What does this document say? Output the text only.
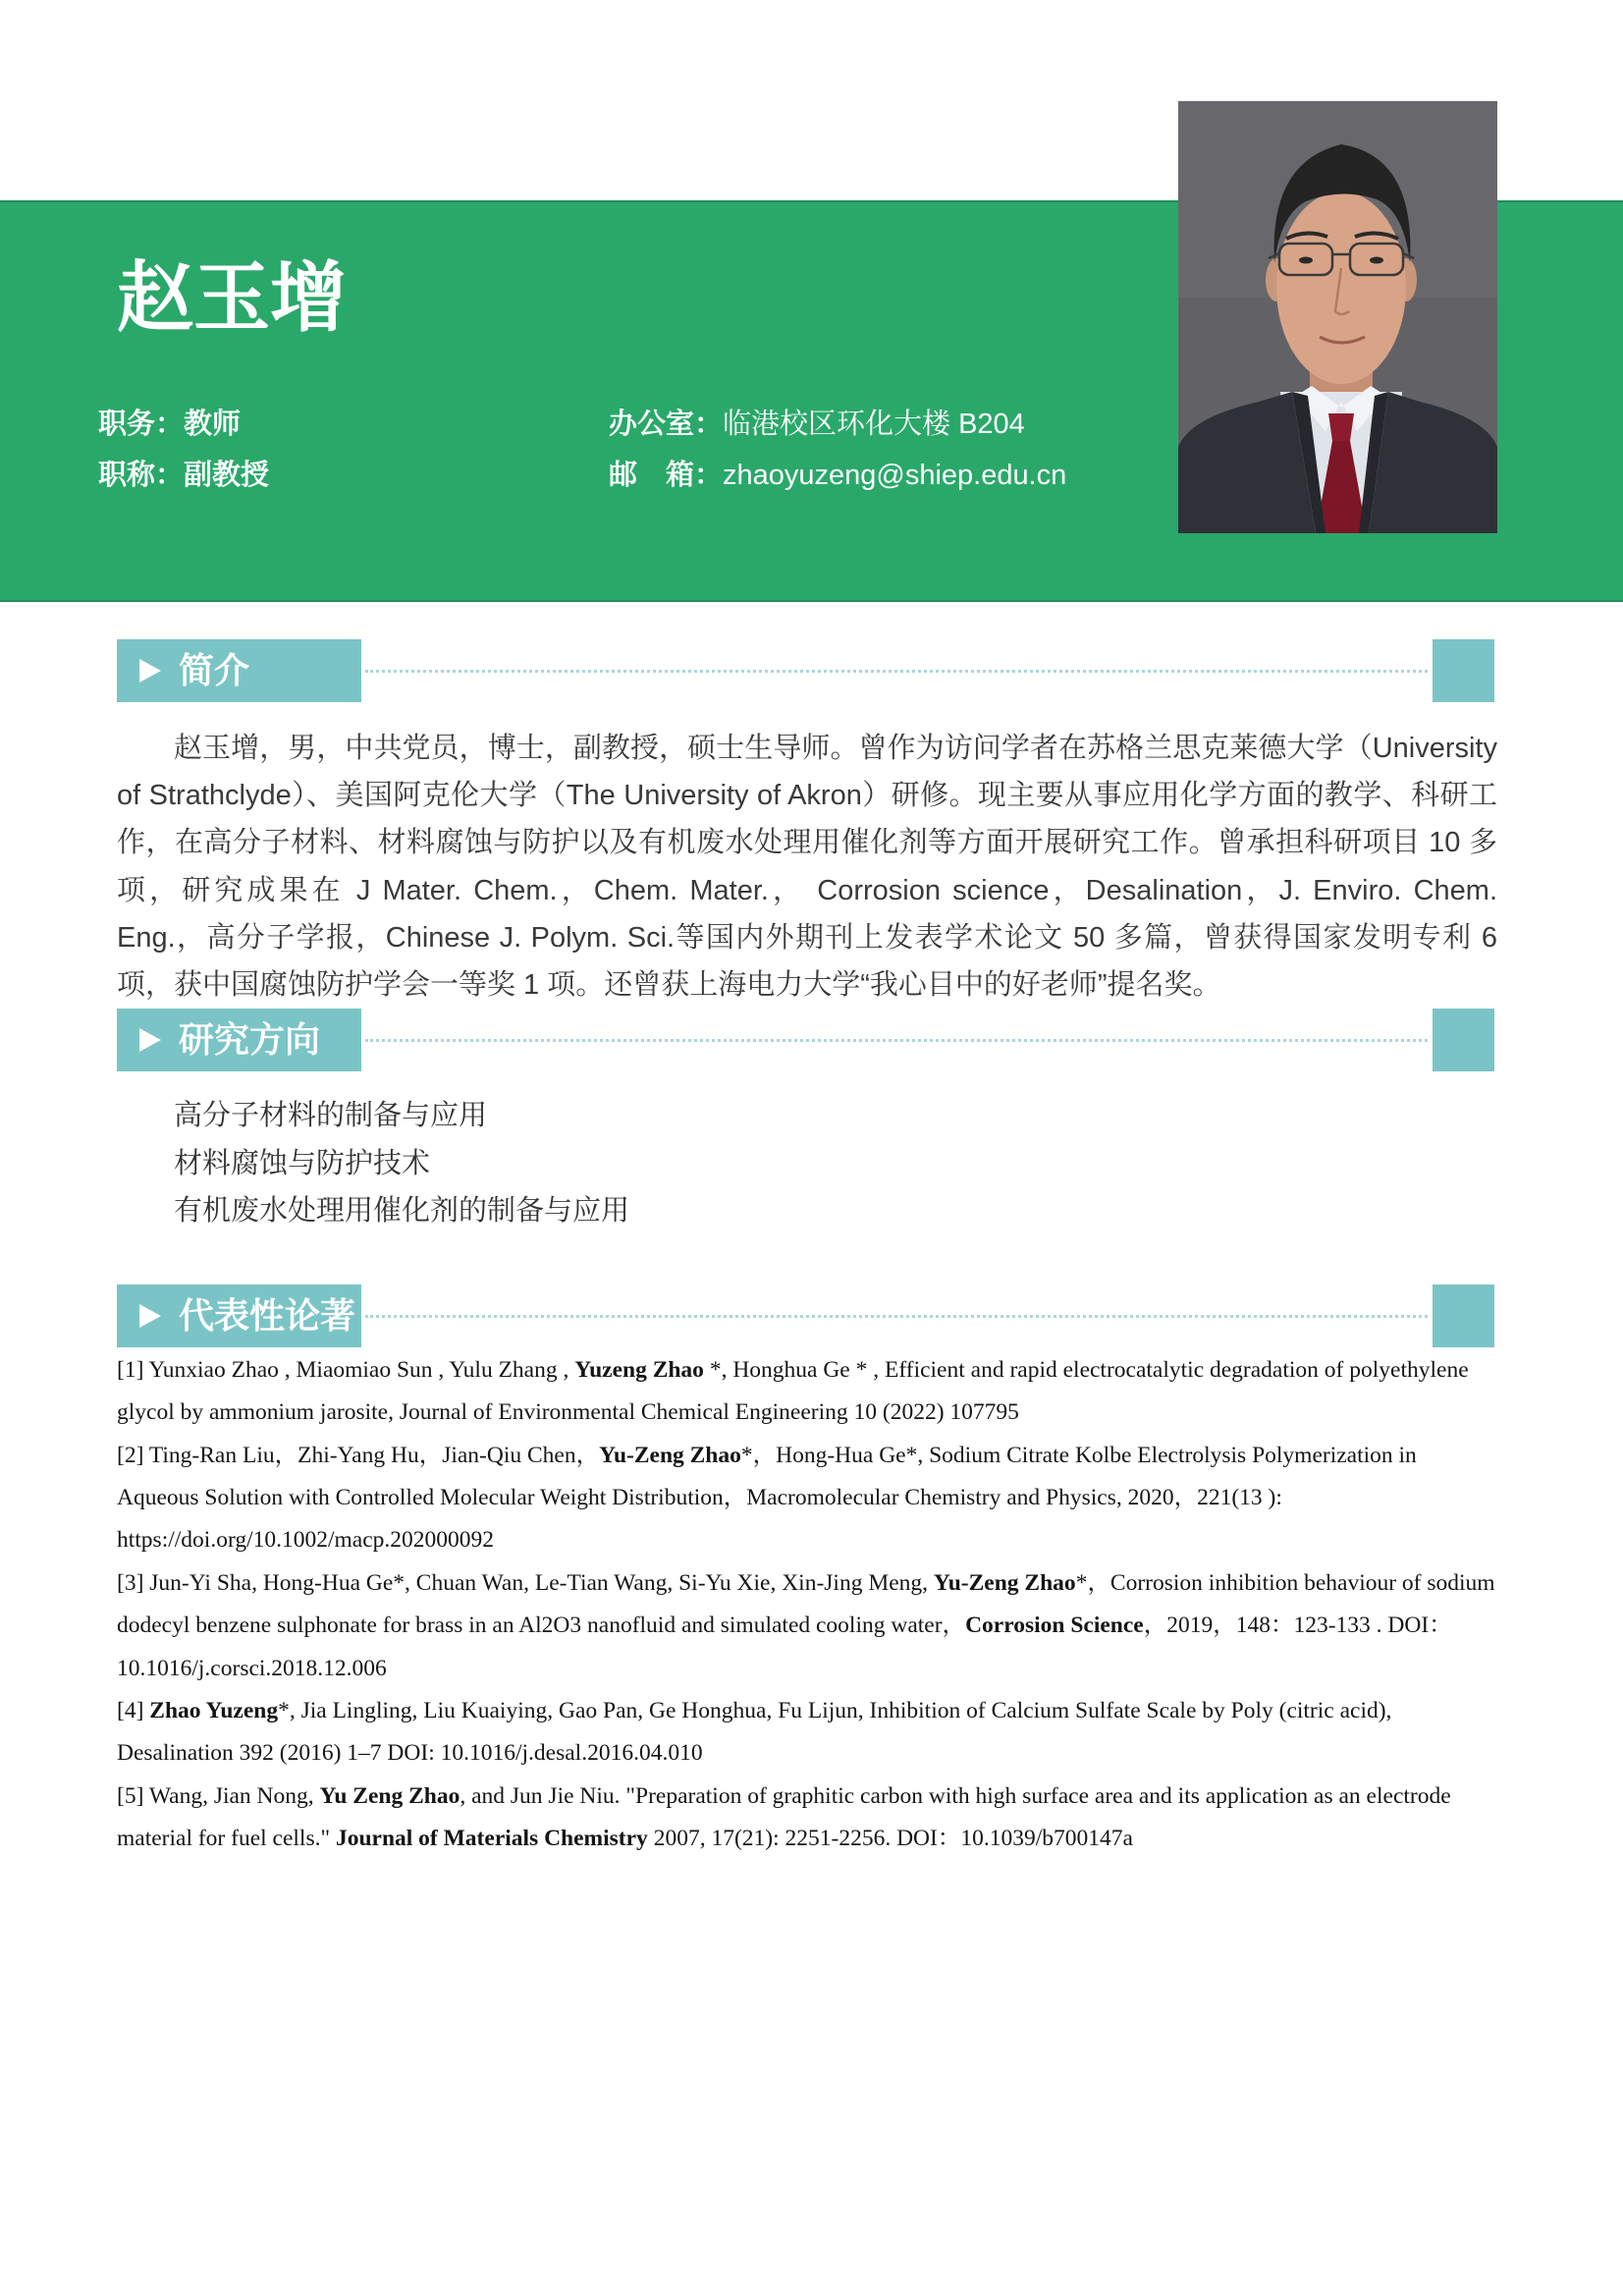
赵玉增
职务：教师
职称：副教授
办公室：临港校区环化大楼 B204
邮　箱：zhaoyuzeng@shiep.edu.cn
简介

赵玉增，男，中共党员，博士，副教授，硕士生导师。曾作为访问学者在苏格兰思克莱德大学（University of Strathclyde）、美国阿克伦大学（The University of Akron）研修。现主要从事应用化学方面的教学、科研工作，在高分子材料、材料腐蚀与防护以及有机废水处理用催化剂等方面开展研究工作。曾承担科研项目 10 多项，研究成果在 J Mater. Chem.，Chem. Mater.， Corrosion science，Desalination，J. Enviro. Chem. Eng.，高分子学报，Chinese J. Polym. Sci.等国内外期刊上发表学术论文 50 多篇，曾获得国家发明专利 6 项，获中国腐蚀防护学会一等奖 1 项。还曾获上海电力大学“我心目中的好老师”提名奖。

研究方向
高分子材料的制备与应用
材料腐蚀与防护技术
有机废水处理用催化剂的制备与应用
代表性论著
[1] Yunxiao Zhao , Miaomiao Sun , Yulu Zhang , Yuzeng Zhao *, Honghua Ge * , Efficient and rapid electrocatalytic degradation of polyethylene glycol by ammonium jarosite, Journal of Environmental Chemical Engineering 10 (2022) 107795
[2] Ting-Ran Liu，Zhi-Yang Hu，Jian-Qiu Chen，Yu-Zeng Zhao*，Hong-Hua Ge*, Sodium Citrate Kolbe Electrolysis Polymerization in Aqueous Solution with Controlled Molecular Weight Distribution，Macromolecular Chemistry and Physics, 2020，221(13 ): https://doi.org/10.1002/macp.202000092
[3] Jun-Yi Sha, Hong-Hua Ge*, Chuan Wan, Le-Tian Wang, Si-Yu Xie, Xin-Jing Meng, Yu-Zeng Zhao*，Corrosion inhibition behaviour of sodium dodecyl benzene sulphonate for brass in an Al2O3 nanofluid and simulated cooling water，Corrosion Science，2019，148：123-133 . DOI：10.1016/j.corsci.2018.12.006
[4] Zhao Yuzeng*, Jia Lingling, Liu Kuaiying, Gao Pan, Ge Honghua, Fu Lijun, Inhibition of Calcium Sulfate Scale by Poly (citric acid), Desalination 392 (2016) 1–7 DOI: 10.1016/j.desal.2016.04.010
[5] Wang, Jian Nong, Yu Zeng Zhao, and Jun Jie Niu. "Preparation of graphitic carbon with high surface area and its application as an electrode material for fuel cells." Journal of Materials Chemistry 2007, 17(21): 2251-2256. DOI：10.1039/b700147a
